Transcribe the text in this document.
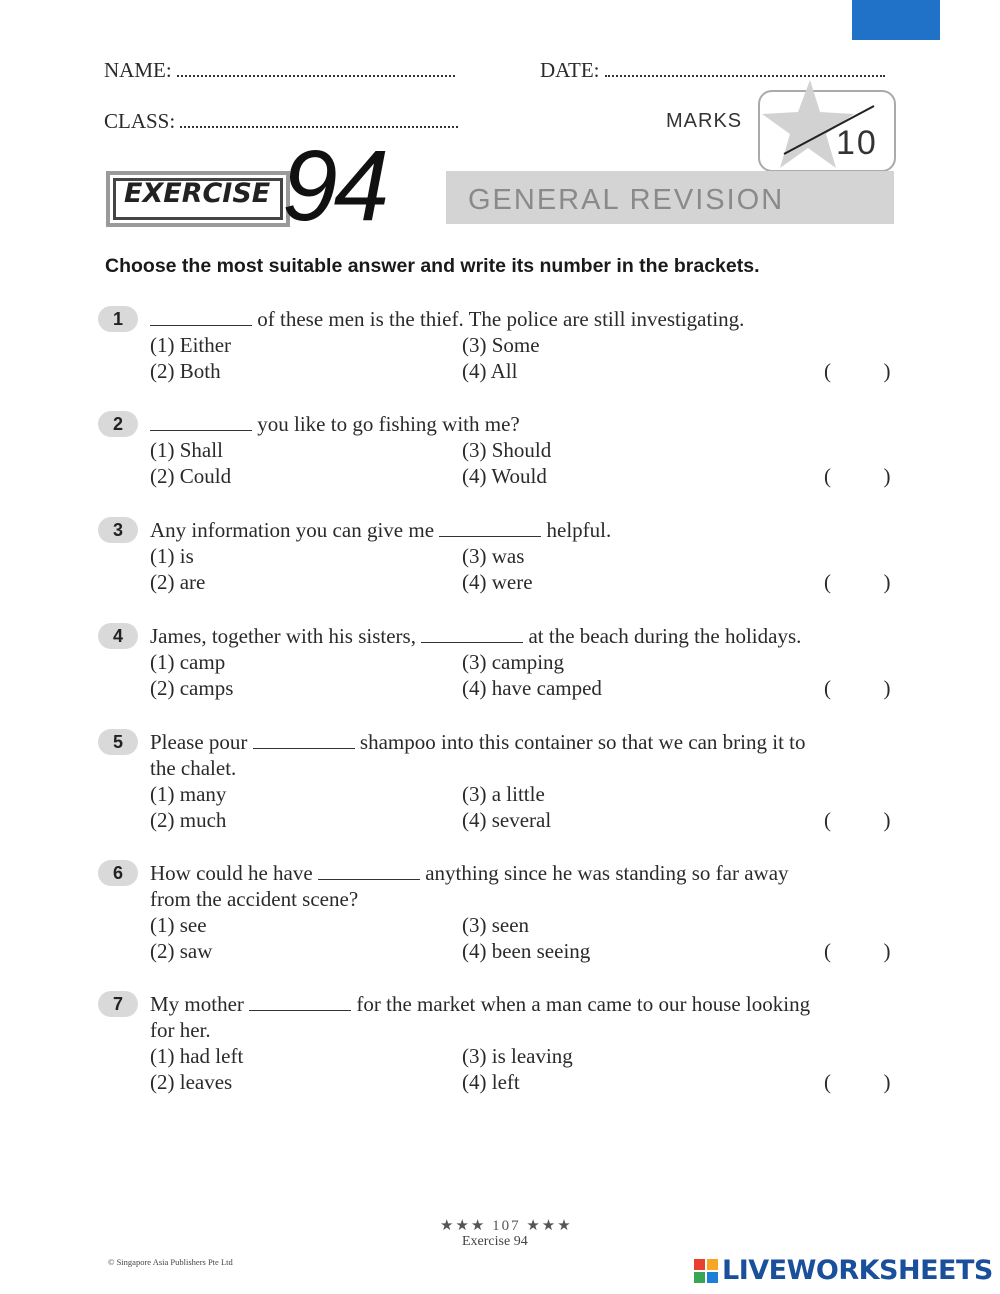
NAME:	DATE:
CLASS:	MARKS
10
EXERCISE 94	GENERAL REVISION
Choose the most suitable answer and write its number in the brackets.
1	of these men is the thief. The police are still investigating.
(1) Either
(2) Both
(3) Some
(4) All	(          )
2	you like to go fishing with me?
(1) Shall
(2) Could
(3) Should
(4) Would	(          )
3	Any information you can give me	helpful.
(1) is
(2) are
(3) was
(4) were	(          )
4	James, together with his sisters,	at the beach during the holidays.
(1) camp
(2) camps
(3) camping
(4) have camped	(          )
5	Please pour	shampoo into this container so that we can bring it to
the chalet.
(1) many
(2) much
(3) a little
(4) several	(          )
6	How could he have	anything since he was standing so far away
from the accident scene?
(1) see
(2) saw
(3) seen
(4) been seeing	(          )
7	My mother	for the market when a man came to our house looking
for her.
(1) had left
(2) leaves
(3) is leaving
(4) left	(          )
★★★ 107 ★★★
Exercise 94
© Singapore Asia Publishers Pte Ltd	LIVEWORKSHEETS
